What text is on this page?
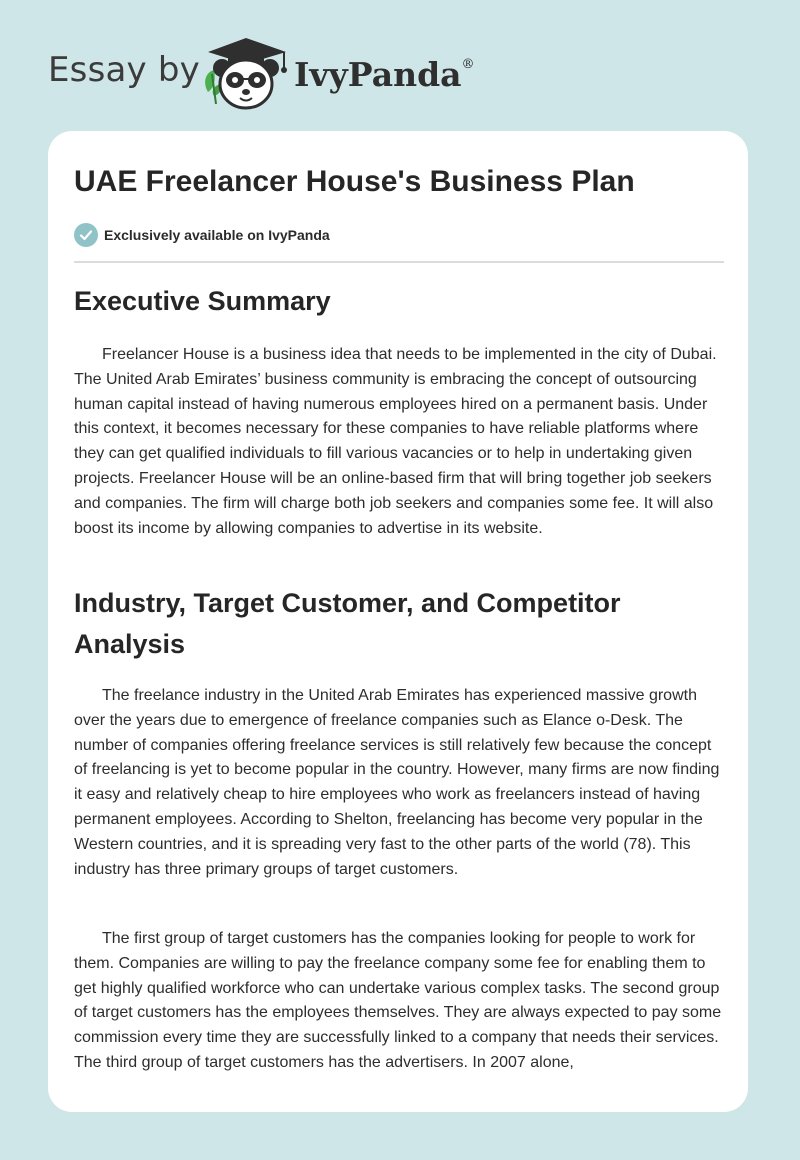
Essay by	IvyPanda®
UAE Freelancer House's Business Plan
Exclusively available on IvyPanda
Executive Summary

Freelancer House is a business idea that needs to be implemented in the city of Dubai. The United Arab Emirates’ business community is embracing the concept of outsourcing human capital instead of having numerous employees hired on a permanent basis. Under this context, it becomes necessary for these companies to have reliable platforms where they can get qualified individuals to fill various vacancies or to help in undertaking given projects. Freelancer House will be an online-based firm that will bring together job seekers and companies. The firm will charge both job seekers and companies some fee. It will also boost its income by allowing companies to advertise in its website.

Industry, Target Customer, and Competitor Analysis

The freelance industry in the United Arab Emirates has experienced massive growth over the years due to emergence of freelance companies such as Elance o-Desk. The number of companies offering freelance services is still relatively few because the concept of freelancing is yet to become popular in the country. However, many firms are now finding it easy and relatively cheap to hire employees who work as freelancers instead of having permanent employees. According to Shelton, freelancing has become very popular in the Western countries, and it is spreading very fast to the other parts of the world (78). This industry has three primary groups of target customers.

The first group of target customers has the companies looking for people to work for them. Companies are willing to pay the freelance company some fee for enabling them to get highly qualified workforce who can undertake various complex tasks. The second group of target customers has the employees themselves. They are always expected to pay some commission every time they are successfully linked to a company that needs their services. The third group of target customers has the advertisers. In 2007 alone,
